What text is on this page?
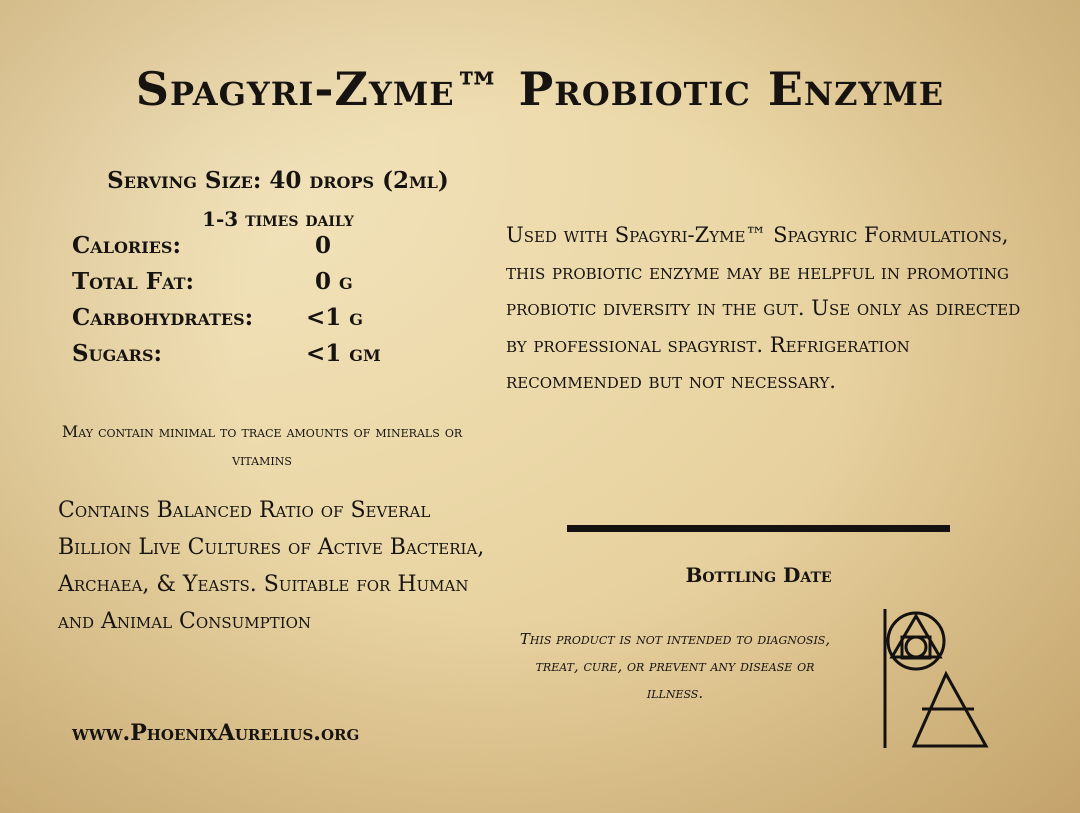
Spagyri-Zyme™ Probiotic Enzyme
Serving Size: 40 drops (2ml)
1-3 times daily
Calories:	0
Total Fat:	0 g
Carbohydrates: <1 g
Sugars:	<1 gm
May contain minimal to trace amounts of minerals or vitamins
Contains Balanced Ratio of Several Billion Live Cultures of Active Bacteria, Archaea, & Yeasts. Suitable for Human and Animal Consumption
www.PhoenixAurelius.org
Used with Spagyri-Zyme™ Spagyric Formulations, this probiotic enzyme may be helpful in promoting probiotic diversity in the gut. Use only as directed by professional spagyrist. Refrigeration recommended but not necessary.
Bottling Date
This product is not intended to diagnosis, treat, cure, or prevent any disease or illness.
